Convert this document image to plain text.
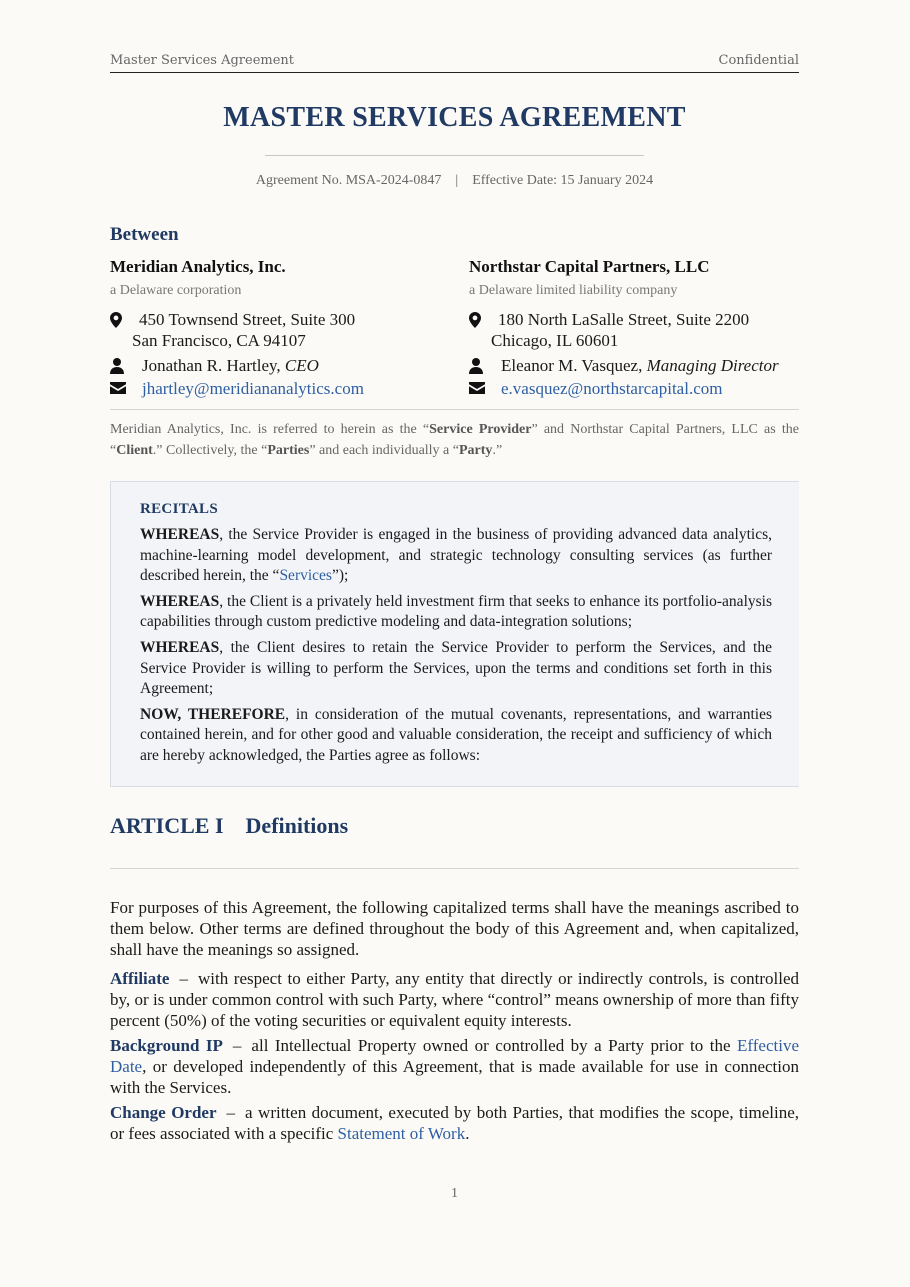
Master Services Agreement	Confidential
MASTER SERVICES AGREEMENT
Agreement No. MSA-2024-0847 | Effective Date: 15 January 2024
Between
Meridian Analytics, Inc.
a Delaware corporation
450 Townsend Street, Suite 300
San Francisco, CA 94107
Jonathan R. Hartley, CEO
jhartley@meridiananalytics.com
Northstar Capital Partners, LLC
a Delaware limited liability company
180 North LaSalle Street, Suite 2200
Chicago, IL 60601
Eleanor M. Vasquez, Managing Director
e.vasquez@northstarcapital.com
Meridian Analytics, Inc. is referred to herein as the “Service Provider” and Northstar Capital Partners, LLC as the “Client.” Collectively, the “Parties” and each individually a “Party.”
RECITALS

WHEREAS, the Service Provider is engaged in the business of providing advanced data analytics, machine-learning model development, and strategic technology consulting services (as further described herein, the “Services”);

WHEREAS, the Client is a privately held investment firm that seeks to enhance its portfolio-analysis capabilities through custom predictive modeling and data-integration solutions;

WHEREAS, the Client desires to retain the Service Provider to perform the Services, and the Service Provider is willing to perform the Services, upon the terms and conditions set forth in this Agreement;

NOW, THEREFORE, in consideration of the mutual covenants, representations, and warranties contained herein, and for other good and valuable consideration, the receipt and sufficiency of which are hereby acknowledged, the Parties agree as follows:

ARTICLE I Definitions

For purposes of this Agreement, the following capitalized terms shall have the meanings ascribed to them below. Other terms are defined throughout the body of this Agreement and, when capitalized, shall have the meanings so assigned.

Affiliate – with respect to either Party, any entity that directly or indirectly controls, is controlled by, or is under common control with such Party, where “control” means ownership of more than fifty percent (50%) of the voting securities or equivalent equity interests.

Background IP – all Intellectual Property owned or controlled by a Party prior to the Effective Date, or developed independently of this Agreement, that is made available for use in connection with the Services.

Change Order – a written document, executed by both Parties, that modifies the scope, timeline, or fees associated with a specific Statement of Work.

1
